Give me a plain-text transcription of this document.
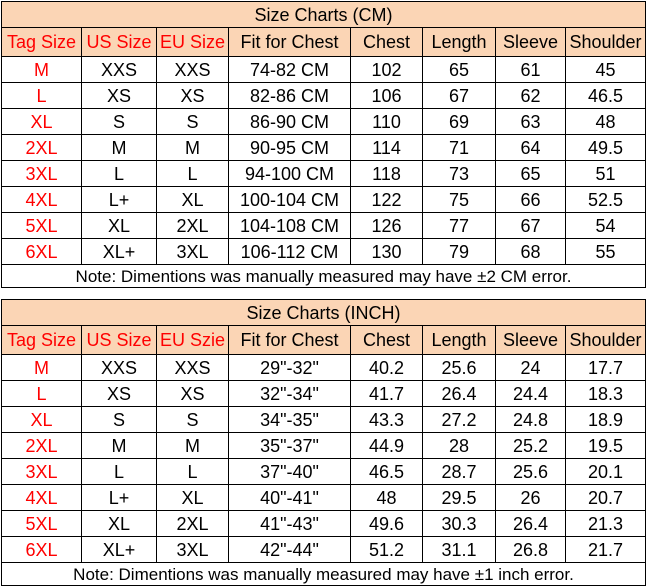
Size Charts (CM)							
Tag Size	US Size	EU Size	Fit for Chest	Chest	Length	Sleeve	Shoulder
M	XXS	XXS	74-82 CM	102	65	61	45
L	XS	XS	82-86 CM	106	67	62	46.5
XL	S	S	86-90 CM	110	69	63	48
2XL	M	M	90-95 CM	114	71	64	49.5
3XL	L	L	94-100 CM	118	73	65	51
4XL	L+	XL	100-104 CM	122	75	66	52.5
5XL	XL	2XL	104-108 CM	126	77	67	54
6XL	XL+	3XL	106-112 CM	130	79	68	55
Note: Dimentions was manually measured may have ±2 CM error.							
Size Charts (INCH)							
Tag Size	US Size	EU Szie	Fit for Chest	Chest	Length	Sleeve	Shoulder
M	XXS	XXS	29"-32"	40.2	25.6	24	17.7
L	XS	XS	32"-34"	41.7	26.4	24.4	18.3
XL	S	S	34"-35"	43.3	27.2	24.8	18.9
2XL	M	M	35"-37"	44.9	28	25.2	19.5
3XL	L	L	37"-40"	46.5	28.7	25.6	20.1
4XL	L+	XL	40"-41"	48	29.5	26	20.7
5XL	XL	2XL	41"-43"	49.6	30.3	26.4	21.3
6XL	XL+	3XL	42"-44"	51.2	31.1	26.8	21.7
Note: Dimentions was manually measured may have ±1 inch error.							
